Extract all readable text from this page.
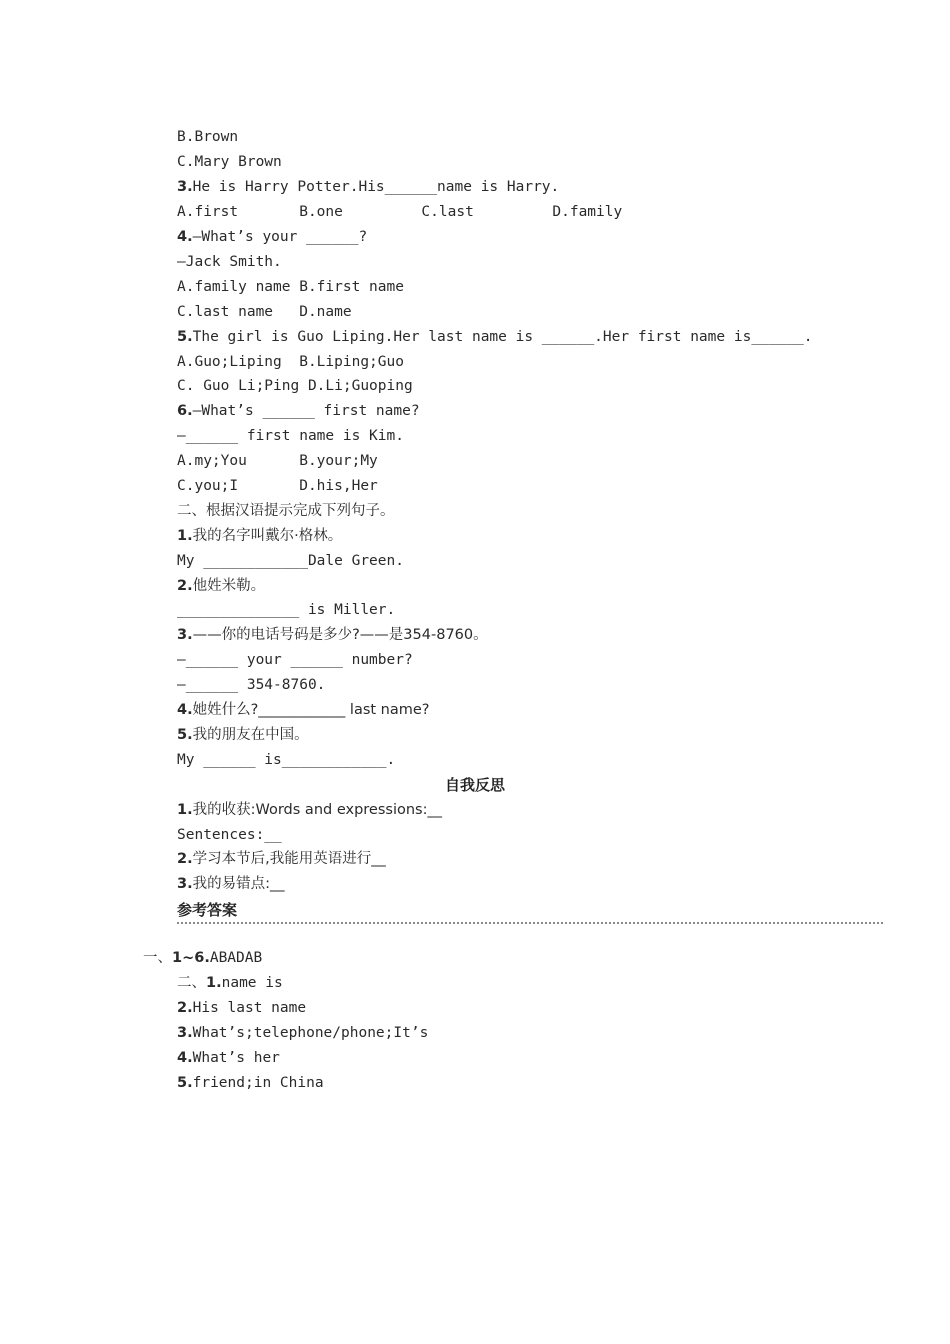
B.Brown
C.Mary Brown
3.He is Harry Potter.His______name is Harry.
A.first       B.one         C.last         D.family
4.—What’s your ______?
—Jack Smith.
A.family name B.first name
C.last name   D.name
5.The girl is Guo Liping.Her last name is ______.Her first name is______.
A.Guo;Liping  B.Liping;Guo
C. Guo Li;Ping D.Li;Guoping
6.—What’s ______ first name?
—______ first name is Kim.
A.my;You      B.your;My
C.you;I       D.his,Her
二、根据汉语提示完成下列句子。
1.我的名字叫戴尔·格林。
My ____________Dale Green.
2.他姓米勒。
______________ is Miller.
3.——你的电话号码是多少?——是354-8760。
—______ your ______ number?
—______ 354-8760.
4.她姓什么?____________ last name?
5.我的朋友在中国。
My ______ is____________.
自我反思
1.我的收获:Words and expressions:__
Sentences:__
2.学习本节后,我能用英语进行__
3.我的易错点:__
参考答案
一、1~6.ABADAB
二、1.name is
2.His last name
3.What’s;telephone/phone;It’s
4.What’s her
5.friend;in China
